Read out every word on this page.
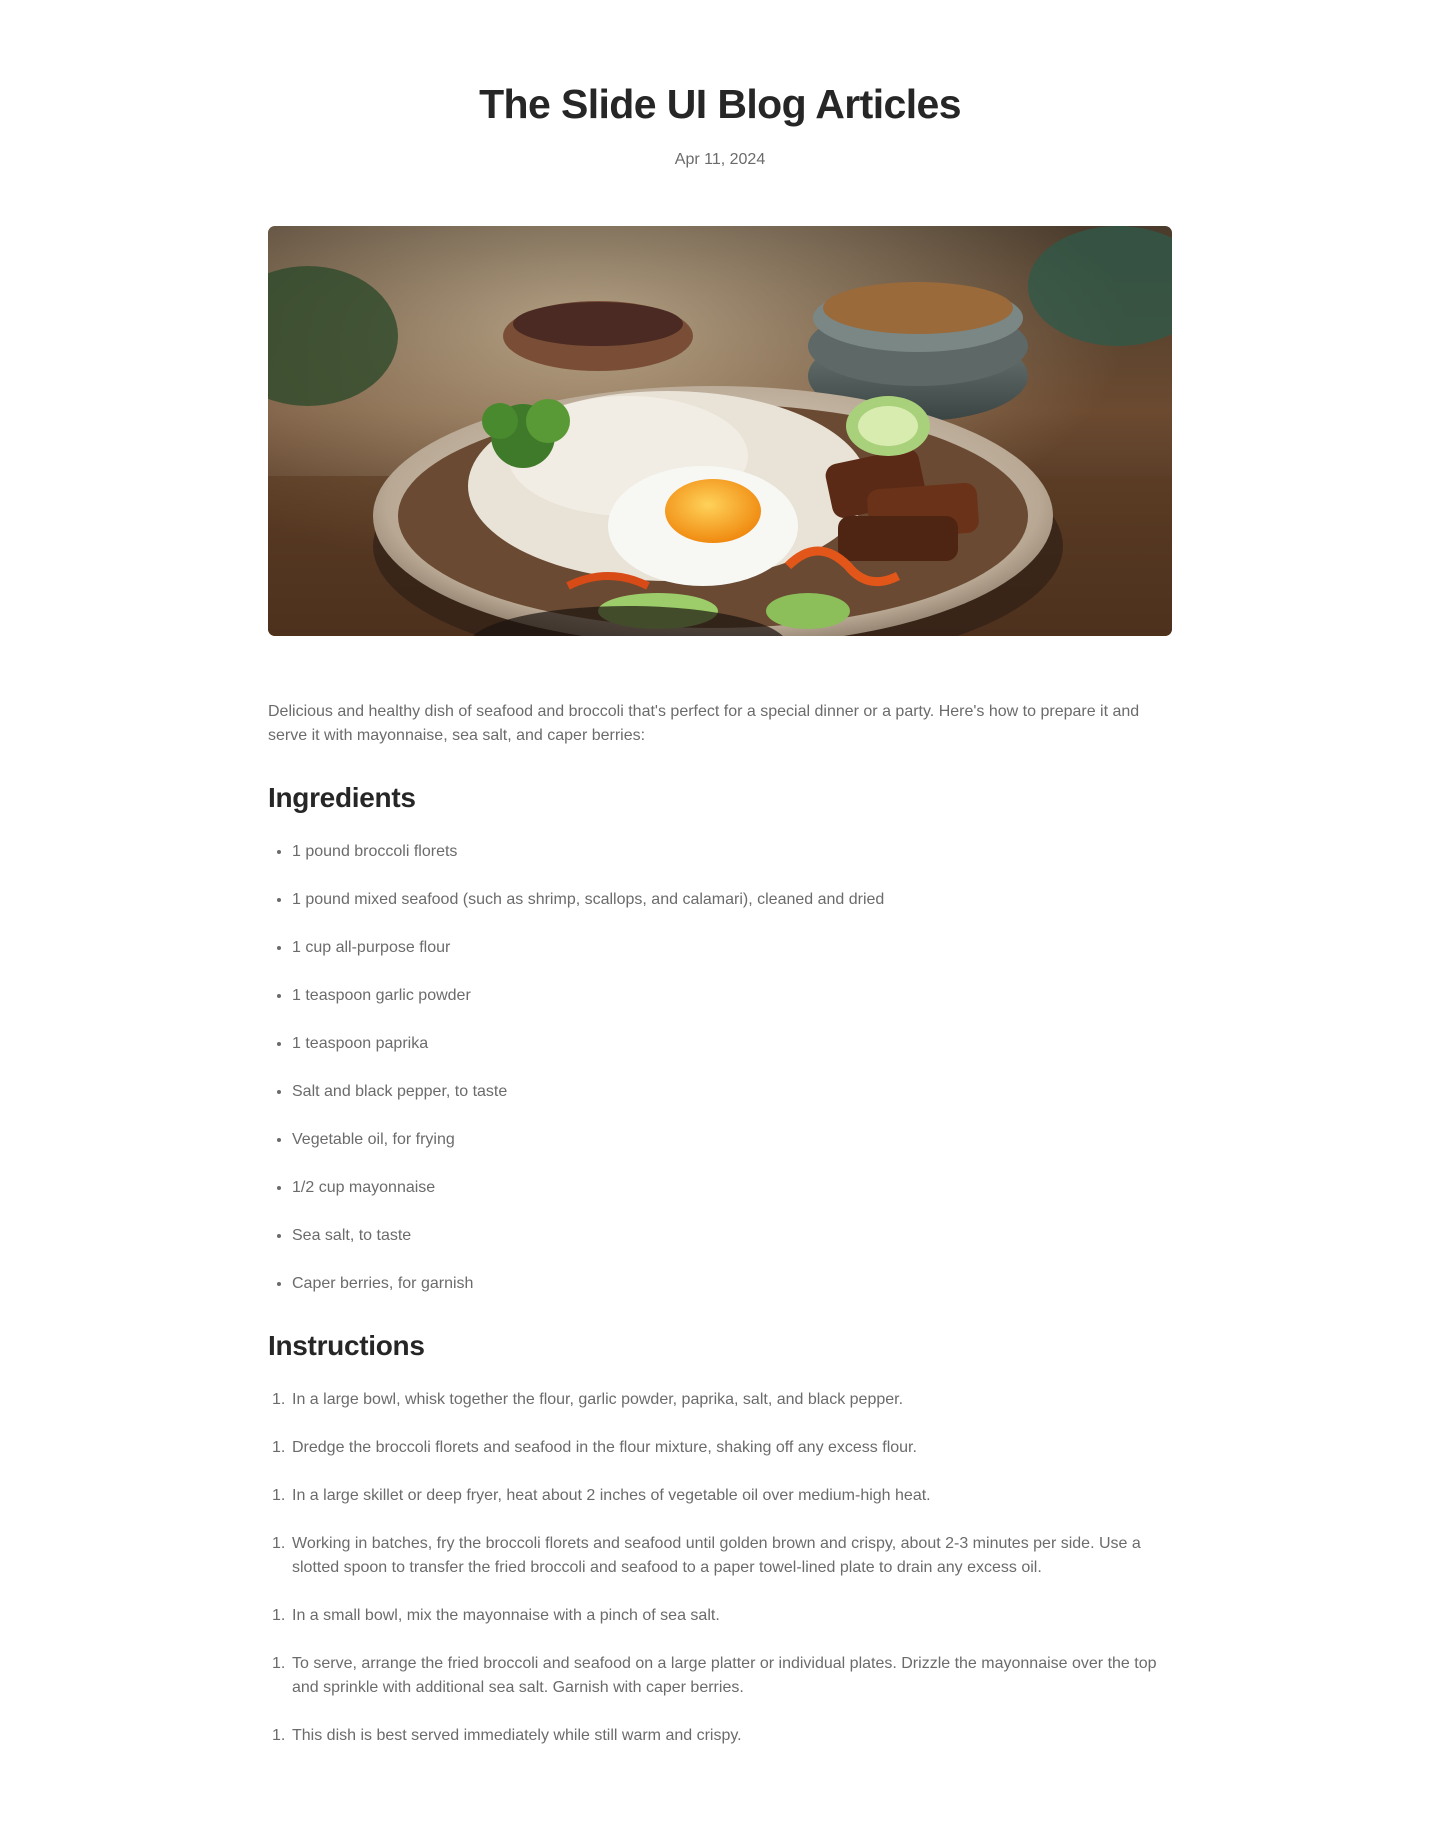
The Slide UI Blog Articles
Apr 11, 2024

Delicious and healthy dish of seafood and broccoli that's perfect for a special dinner or a party. Here's how to prepare it and serve it with mayonnaise, sea salt, and caper berries:

Ingredients
• 1 pound broccoli florets
• 1 pound mixed seafood (such as shrimp, scallops, and calamari), cleaned and dried
• 1 cup all-purpose flour
• 1 teaspoon garlic powder
• 1 teaspoon paprika
• Salt and black pepper, to taste
• Vegetable oil, for frying
• 1/2 cup mayonnaise
• Sea salt, to taste
• Caper berries, for garnish
Instructions
1. In a large bowl, whisk together the flour, garlic powder, paprika, salt, and black pepper.
1. Dredge the broccoli florets and seafood in the flour mixture, shaking off any excess flour.
1. In a large skillet or deep fryer, heat about 2 inches of vegetable oil over medium-high heat.
1. Working in batches, fry the broccoli florets and seafood until golden brown and crispy, about 2-3 minutes per side. Use a slotted spoon to transfer the fried broccoli and seafood to a paper towel-lined plate to drain any excess oil.
1. In a small bowl, mix the mayonnaise with a pinch of sea salt.
1. To serve, arrange the fried broccoli and seafood on a large platter or individual plates. Drizzle the mayonnaise over the top and sprinkle with additional sea salt. Garnish with caper berries.
1. This dish is best served immediately while still warm and crispy.
